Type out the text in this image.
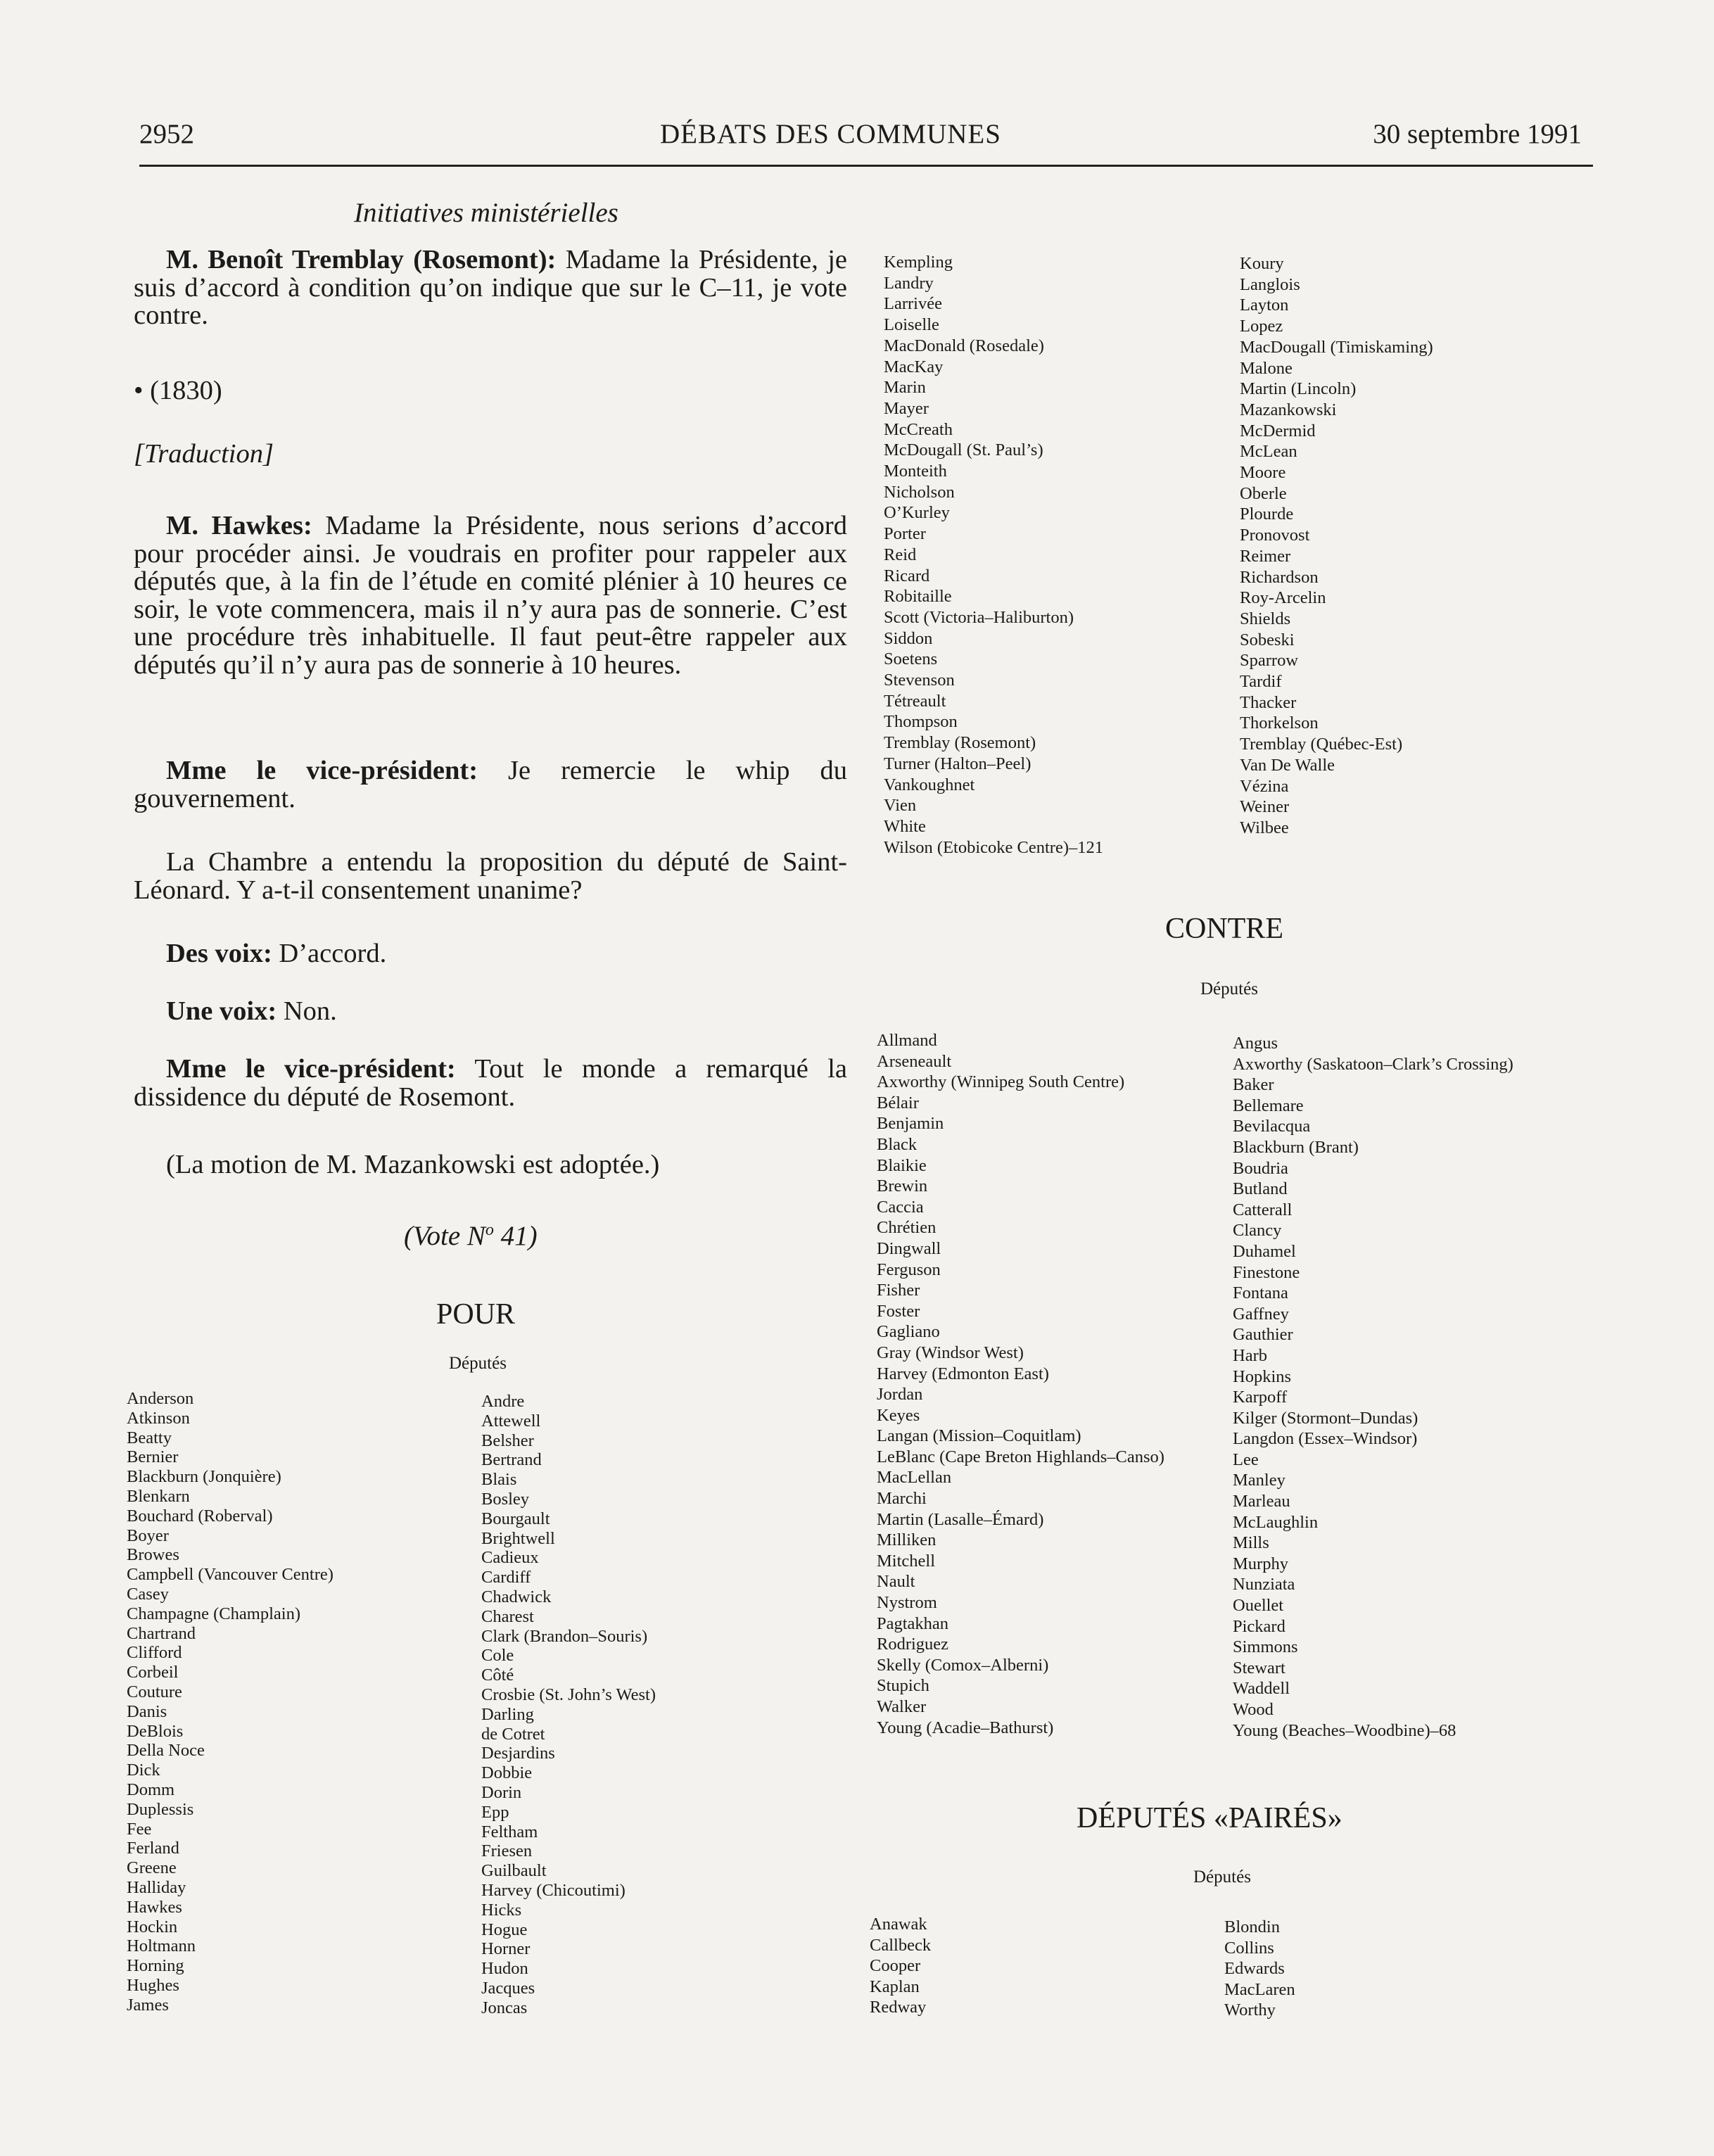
2952	DÉBATS DES COMMUNES	30 septembre 1991
Initiatives ministérielles

M. Benoît Tremblay (Rosemont): Madame la Présidente, je suis d’accord à condition qu’on indique que sur le C–11, je vote contre.

• (1830)

[Traduction]

M. Hawkes: Madame la Présidente, nous serions d’accord pour procéder ainsi. Je voudrais en profiter pour rappeler aux députés que, à la fin de l’étude en comité plénier à 10 heures ce soir, le vote commencera, mais il n’y aura pas de sonnerie. C’est une procédure très inhabituelle. Il faut peut-être rappeler aux députés qu’il n’y aura pas de sonnerie à 10 heures.

Mme le vice-président: Je remercie le whip du gouvernement.

La Chambre a entendu la proposition du député de Saint-Léonard. Y a-t-il consentement unanime?

Des voix: D’accord.

Une voix: Non.

Mme le vice-président: Tout le monde a remarqué la dissidence du député de Rosemont.

(La motion de M. Mazankowski est adoptée.)

(Vote $N^o$ 41)
POUR
Députés
Anderson
Atkinson
Beatty
Bernier
Blackburn (Jonquière)
Blenkarn
Bouchard (Roberval)
Boyer
Browes
Campbell (Vancouver Centre)
Casey
Champagne (Champlain)
Chartrand
Clifford
Corbeil
Couture
Danis
DeBlois
Della Noce
Dick
Domm
Duplessis
Fee
Ferland
Greene
Halliday
Hawkes
Hockin
Holtmann
Horning
Hughes
James
Andre
Attewell
Belsher
Bertrand
Blais
Bosley
Bourgault
Brightwell
Cadieux
Cardiff
Chadwick
Charest
Clark (Brandon–Souris)
Cole
Côté
Crosbie (St. John’s West)
Darling
de Cotret
Desjardins
Dobbie
Dorin
Epp
Feltham
Friesen
Guilbault
Harvey (Chicoutimi)
Hicks
Hogue
Horner
Hudon
Jacques
Joncas
Kempling
Landry
Larrivée
Loiselle
MacDonald (Rosedale)
MacKay
Marin
Mayer
McCreath
McDougall (St. Paul’s)
Monteith
Nicholson
O’Kurley
Porter
Reid
Ricard
Robitaille
Scott (Victoria–Haliburton)
Siddon
Soetens
Stevenson
Tétreault
Thompson
Tremblay (Rosemont)
Turner (Halton–Peel)
Vankoughnet
Vien
White
Wilson (Etobicoke Centre)–121
Koury
Langlois
Layton
Lopez
MacDougall (Timiskaming)
Malone
Martin (Lincoln)
Mazankowski
McDermid
McLean
Moore
Oberle
Plourde
Pronovost
Reimer
Richardson
Roy-Arcelin
Shields
Sobeski
Sparrow
Tardif
Thacker
Thorkelson
Tremblay (Québec-Est)
Van De Walle
Vézina
Weiner
Wilbee
CONTRE
Députés
Allmand
Arseneault
Axworthy (Winnipeg South Centre)
Bélair
Benjamin
Black
Blaikie
Brewin
Caccia
Chrétien
Dingwall
Ferguson
Fisher
Foster
Gagliano
Gray (Windsor West)
Harvey (Edmonton East)
Jordan
Keyes
Langan (Mission–Coquitlam)
LeBlanc (Cape Breton Highlands–Canso)
MacLellan
Marchi
Martin (Lasalle–Émard)
Milliken
Mitchell
Nault
Nystrom
Pagtakhan
Rodriguez
Skelly (Comox–Alberni)
Stupich
Walker
Young (Acadie–Bathurst)
Angus
Axworthy (Saskatoon–Clark’s Crossing)
Baker
Bellemare
Bevilacqua
Blackburn (Brant)
Boudria
Butland
Catterall
Clancy
Duhamel
Finestone
Fontana
Gaffney
Gauthier
Harb
Hopkins
Karpoff
Kilger (Stormont–Dundas)
Langdon (Essex–Windsor)
Lee
Manley
Marleau
McLaughlin
Mills
Murphy
Nunziata
Ouellet
Pickard
Simmons
Stewart
Waddell
Wood
Young (Beaches–Woodbine)–68
DÉPUTÉS «PAIRÉS»
Députés
Anawak
Callbeck
Cooper
Kaplan
Redway
Blondin
Collins
Edwards
MacLaren
Worthy
